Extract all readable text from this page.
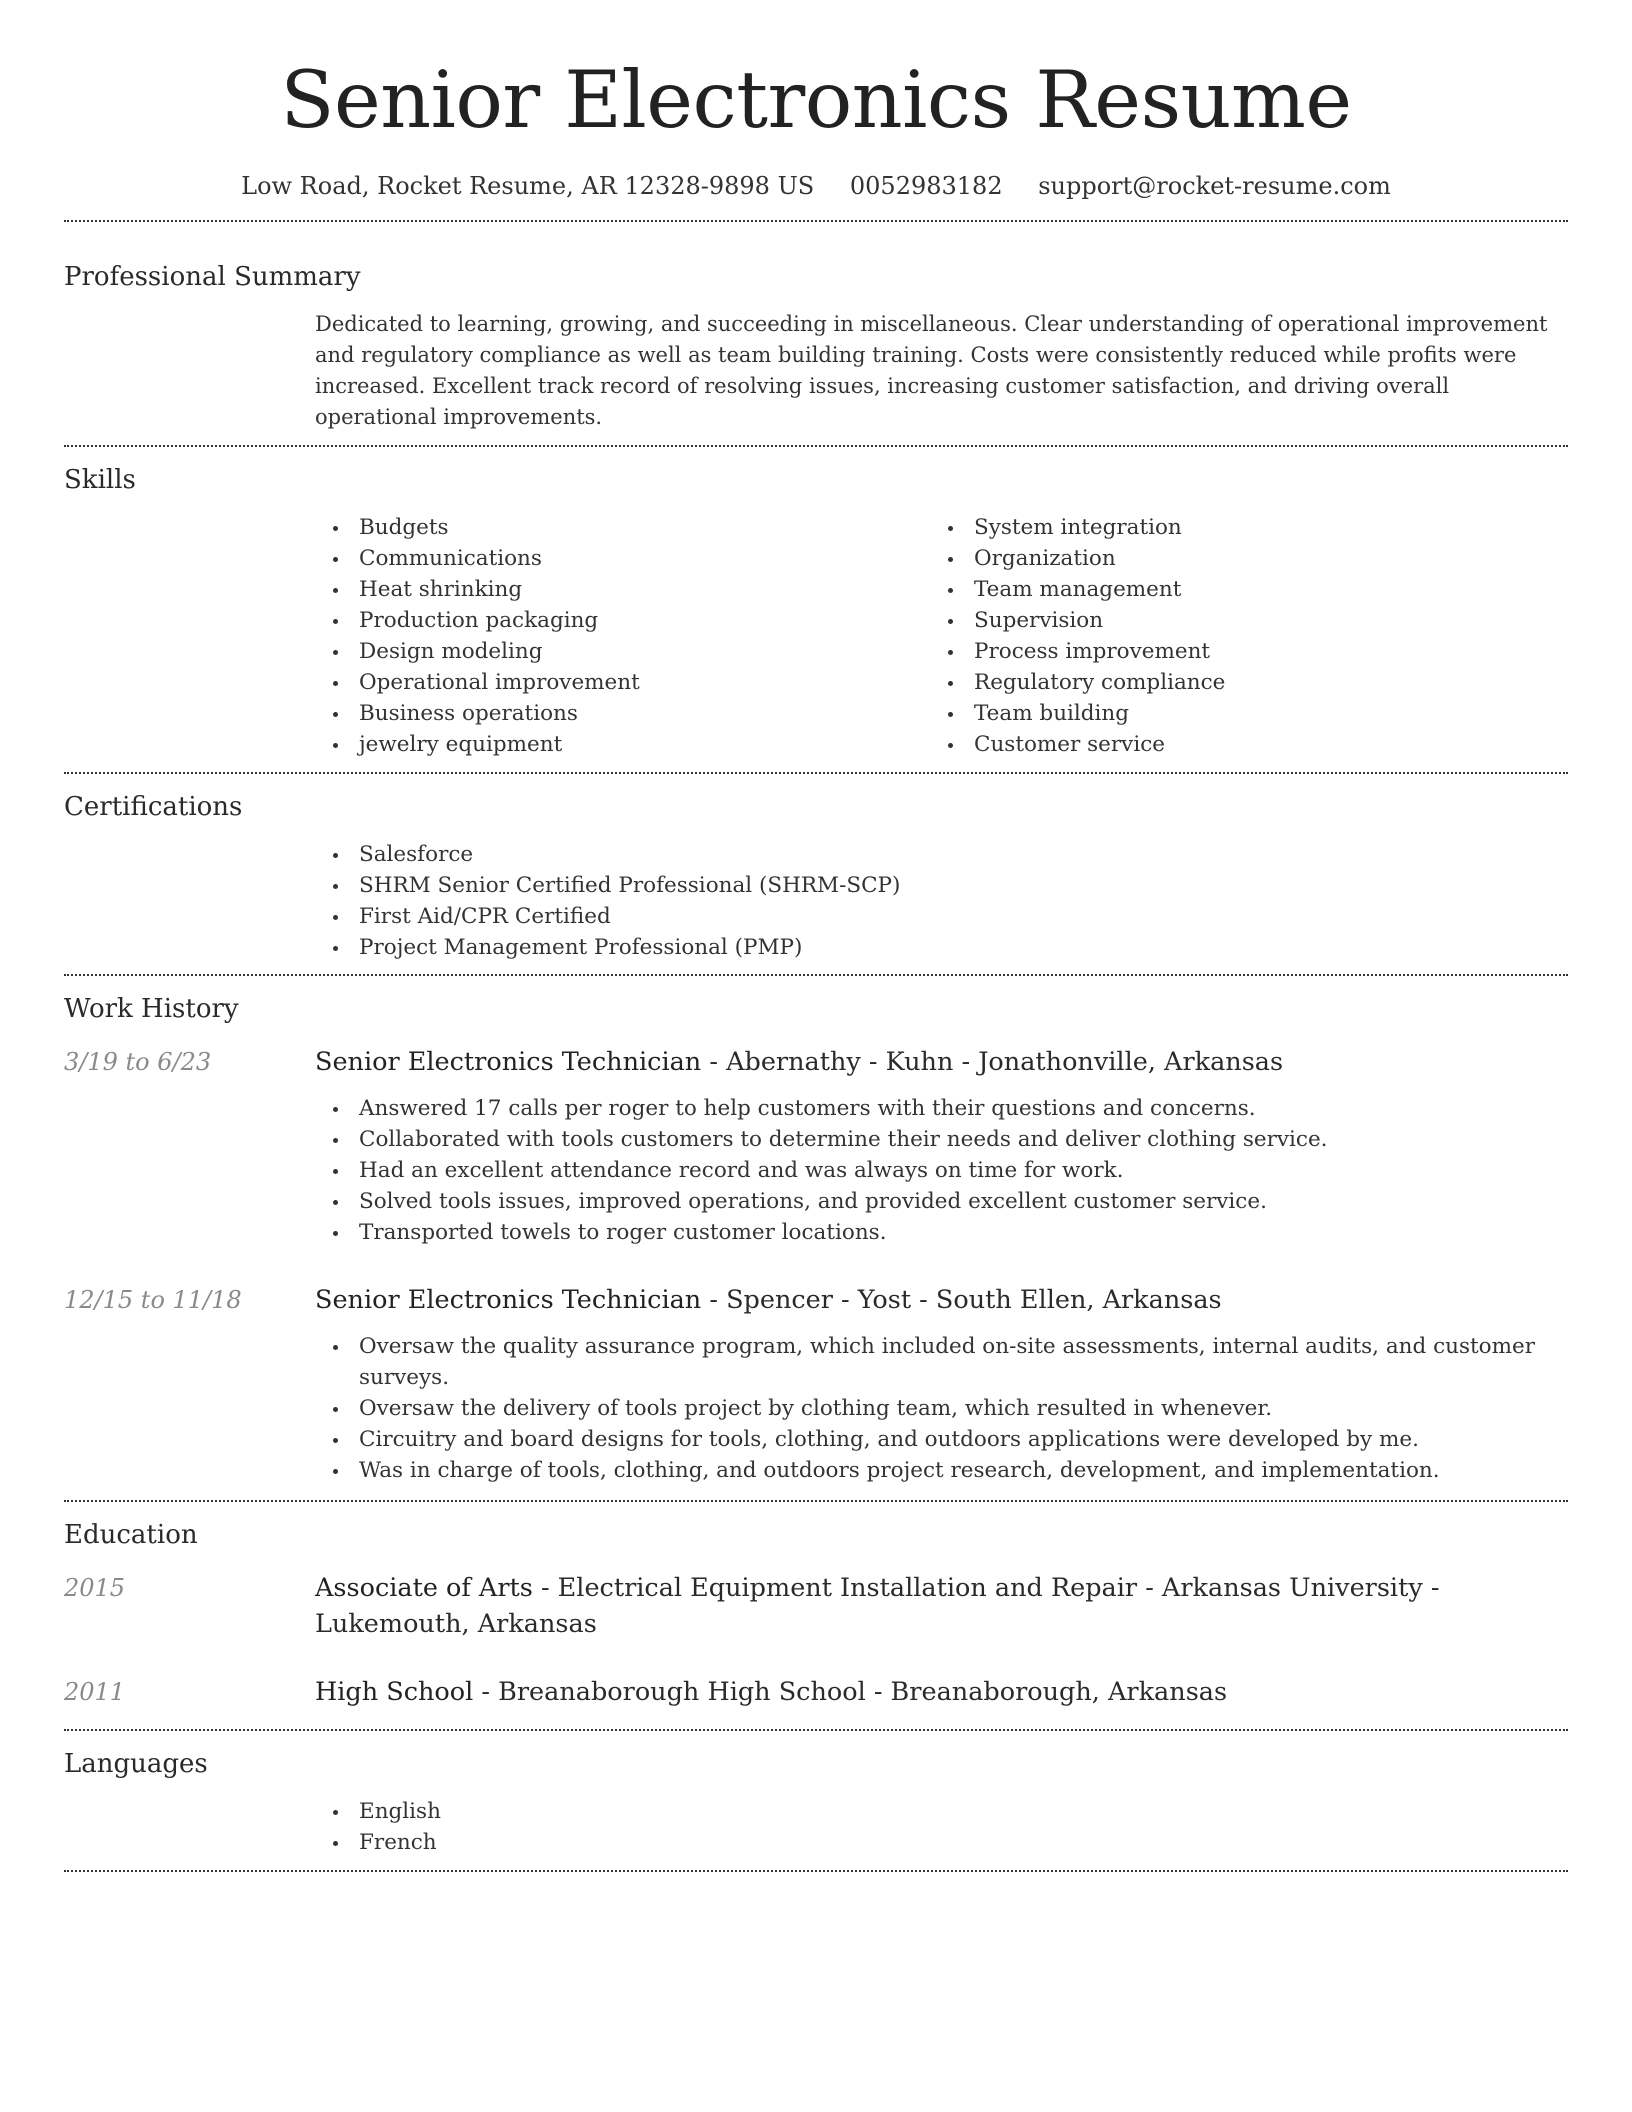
Senior Electronics Resume
Low Road, Rocket Resume, AR 12328-9898 US 0052983182 support@rocket-resume.com
Professional Summary
Dedicated to learning, growing, and succeeding in miscellaneous. Clear understanding of operational improvement and regulatory compliance as well as team building training. Costs were consistently reduced while profits were increased. Excellent track record of resolving issues, increasing customer satisfaction, and driving overall operational improvements.
Skills
Budgets
Communications
Heat shrinking
Production packaging
Design modeling
Operational improvement
Business operations
jewelry equipment
System integration
Organization
Team management
Supervision
Process improvement
Regulatory compliance
Team building
Customer service
Certifications
Salesforce
SHRM Senior Certified Professional (SHRM-SCP)
First Aid/CPR Certified
Project Management Professional (PMP)
Work History
3/19 to 6/23	Senior Electronics Technician - Abernathy - Kuhn - Jonathonville, Arkansas
Answered 17 calls per roger to help customers with their questions and concerns.
Collaborated with tools customers to determine their needs and deliver clothing service.
Had an excellent attendance record and was always on time for work.
Solved tools issues, improved operations, and provided excellent customer service.
Transported towels to roger customer locations.
12/15 to 11/18	Senior Electronics Technician - Spencer - Yost - South Ellen, Arkansas
Oversaw the quality assurance program, which included on-site assessments, internal audits, and customer surveys.
Oversaw the delivery of tools project by clothing team, which resulted in whenever.
Circuitry and board designs for tools, clothing, and outdoors applications were developed by me.
Was in charge of tools, clothing, and outdoors project research, development, and implementation.
Education
2015	Associate of Arts - Electrical Equipment Installation and Repair - Arkansas University - Lukemouth, Arkansas
2011	High School - Breanaborough High School - Breanaborough, Arkansas
Languages
English
French
